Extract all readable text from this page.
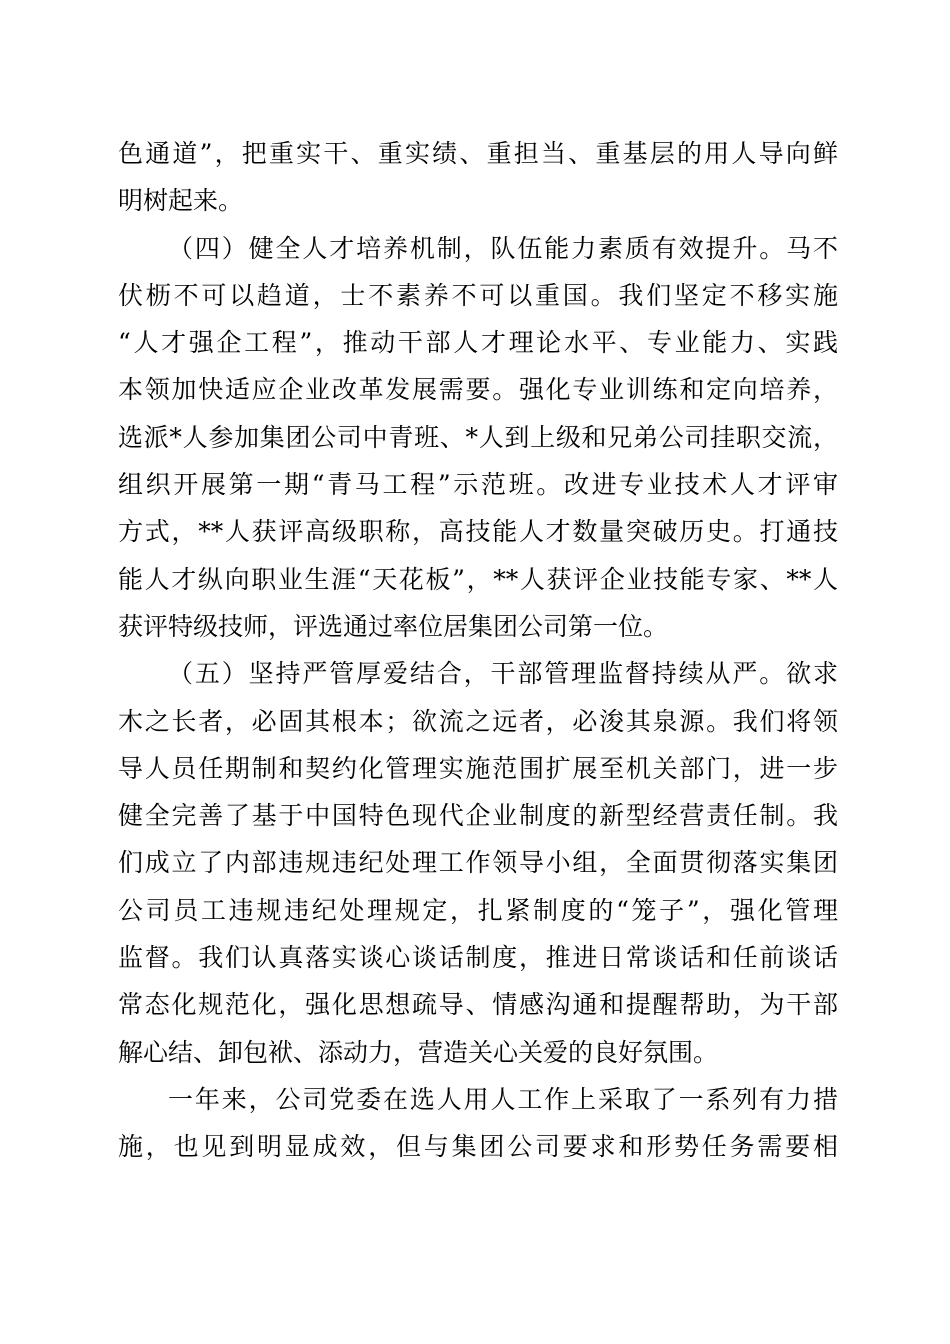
色通道”，把重实干、重实绩、重担当、重基层的用人导向鲜
明树起来。
（四）健全人才培养机制，队伍能力素质有效提升。马不
伏枥不可以趋道，士不素养不可以重国。我们坚定不移实施
“人才强企工程”，推动干部人才理论水平、专业能力、实践
本领加快适应企业改革发展需要。强化专业训练和定向培养，
选派*人参加集团公司中青班、*人到上级和兄弟公司挂职交流，
组织开展第一期“青马工程”示范班。改进专业技术人才评审
方式，**人获评高级职称，高技能人才数量突破历史。打通技
能人才纵向职业生涯“天花板”，**人获评企业技能专家、**人
获评特级技师，评选通过率位居集团公司第一位。
（五）坚持严管厚爱结合，干部管理监督持续从严。欲求
木之长者，必固其根本；欲流之远者，必浚其泉源。我们将领
导人员任期制和契约化管理实施范围扩展至机关部门，进一步
健全完善了基于中国特色现代企业制度的新型经营责任制。我
们成立了内部违规违纪处理工作领导小组，全面贯彻落实集团
公司员工违规违纪处理规定，扎紧制度的“笼子”，强化管理
监督。我们认真落实谈心谈话制度，推进日常谈话和任前谈话
常态化规范化，强化思想疏导、情感沟通和提醒帮助，为干部
解心结、卸包袱、添动力，营造关心关爱的良好氛围。
一年来，公司党委在选人用人工作上采取了一系列有力措
施，也见到明显成效，但与集团公司要求和形势任务需要相
